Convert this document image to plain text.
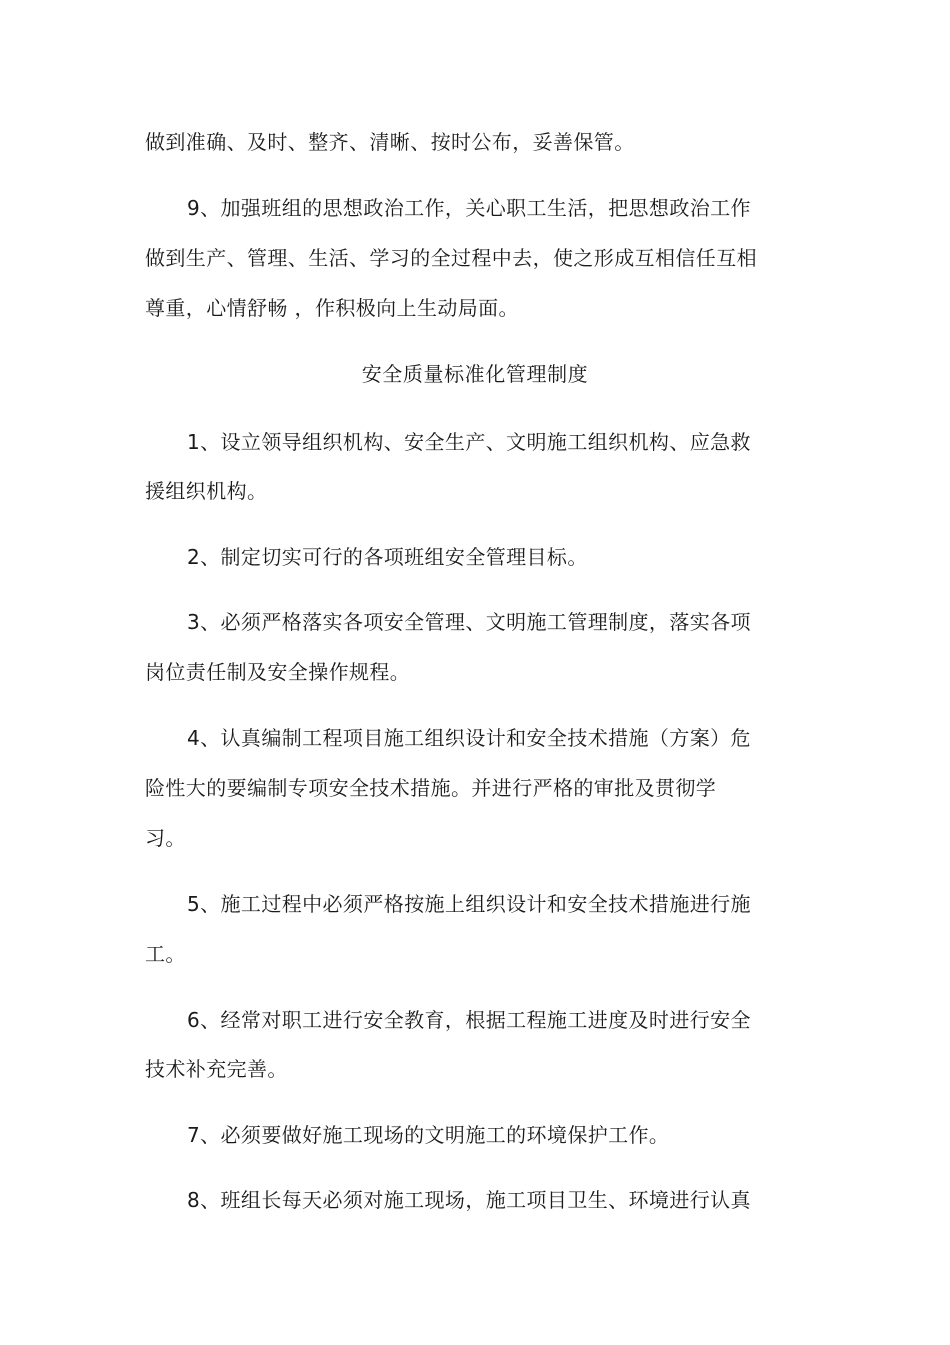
做到准确、及时、整齐、清晰、按时公布，妥善保管。
9、加强班组的思想政治工作，关心职工生活，把思想政治工作
做到生产、管理、生活、学习的全过程中去，使之形成互相信任互相
尊重，心情舒畅 ，作积极向上生动局面。
安全质量标准化管理制度
1、设立领导组织机构、安全生产、文明施工组织机构、应急救
援组织机构。
2、制定切实可行的各项班组安全管理目标。
3、必须严格落实各项安全管理、文明施工管理制度，落实各项
岗位责任制及安全操作规程。
4、认真编制工程项目施工组织设计和安全技术措施（方案）危
险性大的要编制专项安全技术措施。并进行严格的审批及贯彻学
习。
5、施工过程中必须严格按施上组织设计和安全技术措施进行施
工。
6、经常对职工进行安全教育，根据工程施工进度及时进行安全
技术补充完善。
7、必须要做好施工现场的文明施工的环境保护工作。
8、班组长每天必须对施工现场，施工项目卫生、环境进行认真
